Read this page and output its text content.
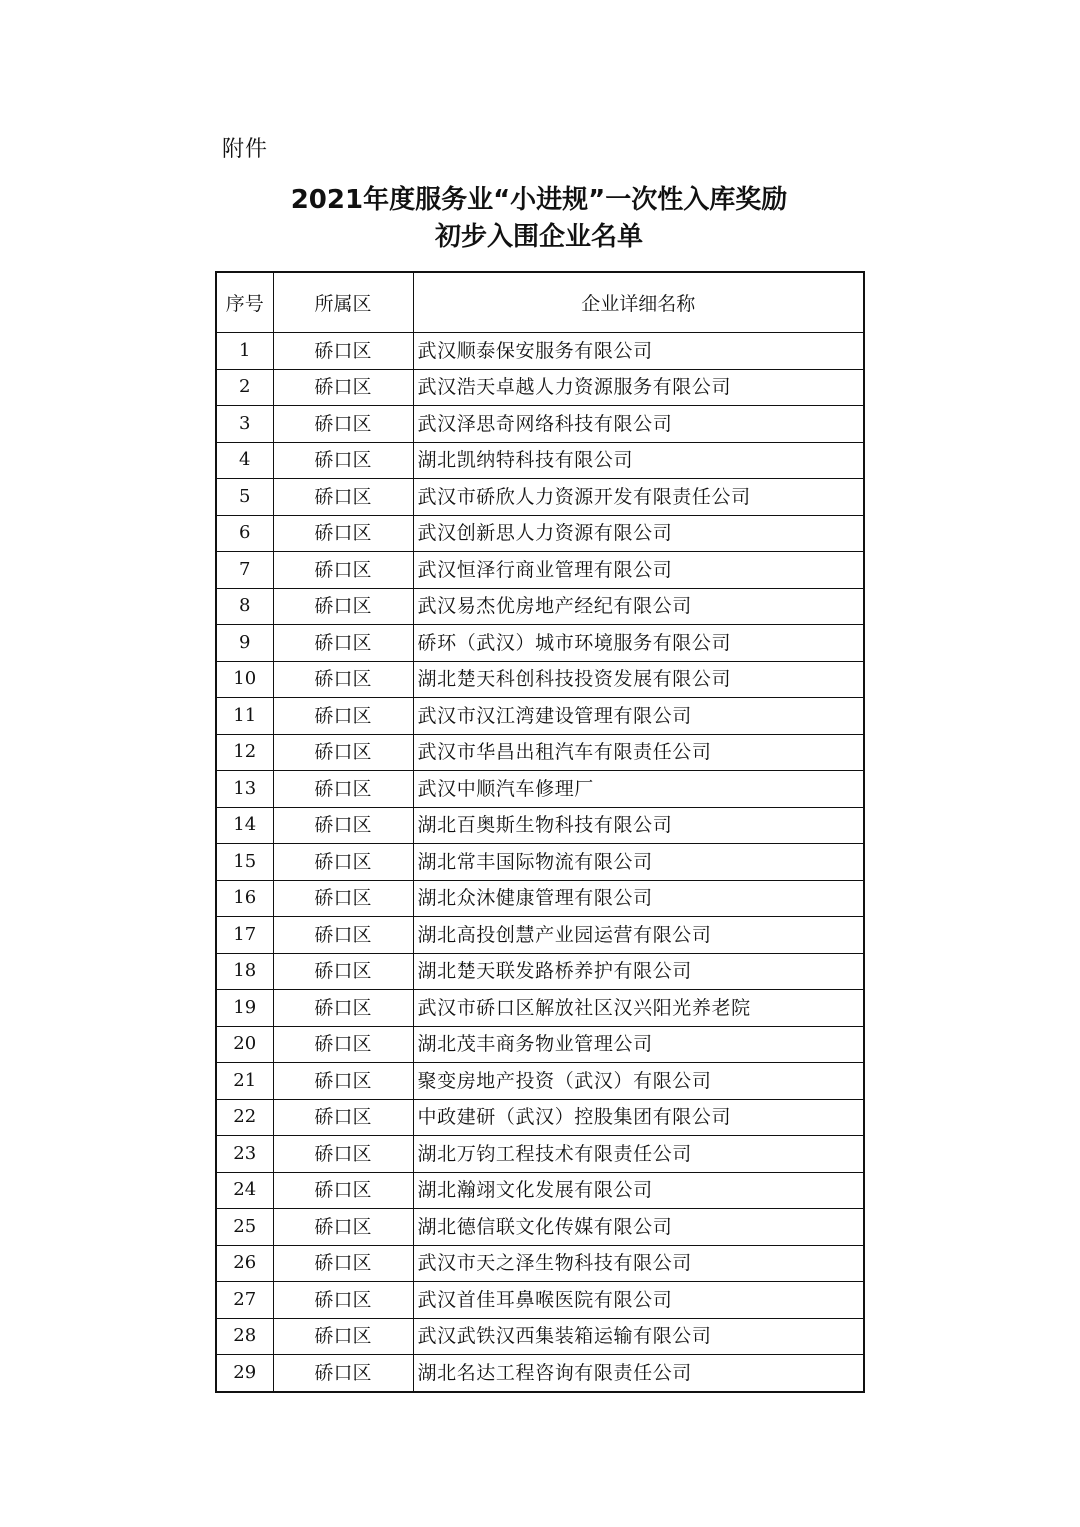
附件
2021年度服务业“小进规”一次性入库奖励
初步入围企业名单
序号	所属区	企业详细名称
1	硚口区	武汉顺泰保安服务有限公司
2	硚口区	武汉浩天卓越人力资源服务有限公司
3	硚口区	武汉泽思奇网络科技有限公司
4	硚口区	湖北凯纳特科技有限公司
5	硚口区	武汉市硚欣人力资源开发有限责任公司
6	硚口区	武汉创新思人力资源有限公司
7	硚口区	武汉恒泽行商业管理有限公司
8	硚口区	武汉易杰优房地产经纪有限公司
9	硚口区	硚环（武汉）城市环境服务有限公司
10	硚口区	湖北楚天科创科技投资发展有限公司
11	硚口区	武汉市汉江湾建设管理有限公司
12	硚口区	武汉市华昌出租汽车有限责任公司
13	硚口区	武汉中顺汽车修理厂
14	硚口区	湖北百奥斯生物科技有限公司
15	硚口区	湖北常丰国际物流有限公司
16	硚口区	湖北众沐健康管理有限公司
17	硚口区	湖北高投创慧产业园运营有限公司
18	硚口区	湖北楚天联发路桥养护有限公司
19	硚口区	武汉市硚口区解放社区汉兴阳光养老院
20	硚口区	湖北茂丰商务物业管理公司
21	硚口区	聚变房地产投资（武汉）有限公司
22	硚口区	中政建研（武汉）控股集团有限公司
23	硚口区	湖北万钧工程技术有限责任公司
24	硚口区	湖北瀚翊文化发展有限公司
25	硚口区	湖北德信联文化传媒有限公司
26	硚口区	武汉市天之泽生物科技有限公司
27	硚口区	武汉首佳耳鼻喉医院有限公司
28	硚口区	武汉武铁汉西集装箱运输有限公司
29	硚口区	湖北名达工程咨询有限责任公司
